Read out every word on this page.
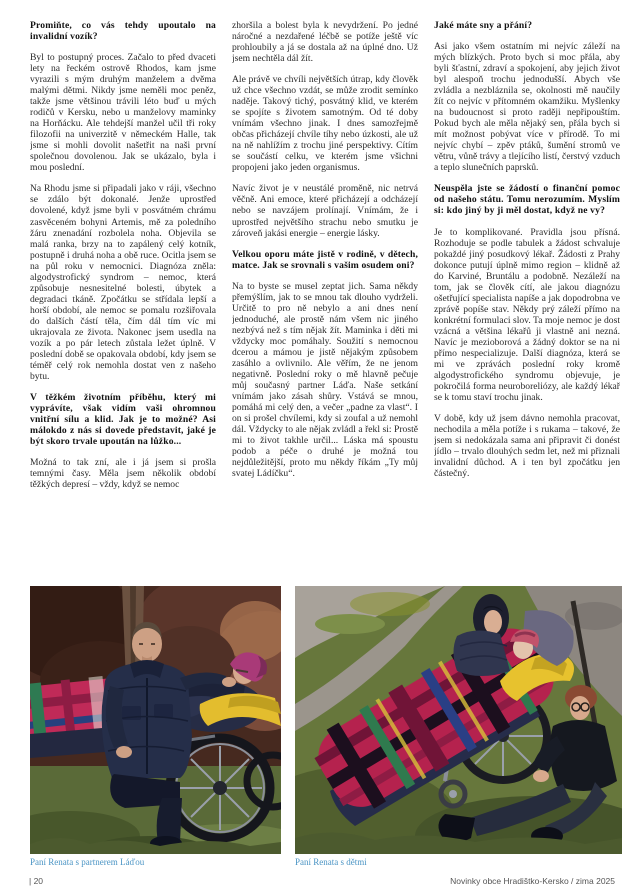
Promiňte, co vás tehdy upoutalo na invalidní vozík?

Byl to postupný proces. Začalo to před dvaceti lety na řeckém ostrově Rhodos, kam jsme vyrazili s mým druhým manželem a dvěma malými dětmi. Nikdy jsme neměli moc peněz, takže jsme většinou trávili léto buď u mých rodičů v Kersku, nebo u manželovy maminky na Horňácku. Ale tehdejší manžel učil tři roky filozofii na univerzitě v německém Halle, tak jsme si mohli dovolit našetřit na naši první společnou dovolenou. Jak se ukázalo, byla i mou poslední.

Na Rhodu jsme si připadali jako v ráji, všechno se zdálo být dokonalé. Jenže uprostřed dovolené, když jsme byli v posvátném chrámu zasvěceném bohyni Artemis, mě za poledního žáru znenadání rozbolela noha. Objevila se malá ranka, brzy na to zapálený celý kotník, postupně i druhá noha a obě ruce. Ocitla jsem se na půl roku v nemocnici. Diagnóza zněla: algodystrofický syndrom – nemoc, která způsobuje nesnesitelné bolesti, úbytek a degradaci tkáně. Zpočátku se střídala lepší a horší období, ale nemoc se pomalu rozšiřovala do dalších částí těla, čím dál tím víc mi ukrajovala ze života. Nakonec jsem usedla na vozík a po pár letech zůstala ležet úplně. V poslední době se opakovala období, kdy jsem se téměř celý rok nemohla dostat ven z našeho bytu.

V těžkém životním příběhu, který mi vyprávíte, však vidím vaši ohromnou vnitřní sílu a klid. Jak je to možné? Asi málokdo z nás si dovede představit, jaké je být skoro trvale upoután na lůžko...

Možná to tak zní, ale i já jsem si prošla temnými časy. Měla jsem několik období těžkých depresí – vždy, když se nemoc

zhoršila a bolest byla k nevydržení. Po jedné náročné a nezdařené léčbě se potíže ještě víc prohloubily a já se dostala až na úplné dno. Už jsem nechtěla dál žít.

Ale právě ve chvíli největších útrap, kdy člověk už chce všechno vzdát, se může zrodit semínko naděje. Takový tichý, posvátný klid, ve kterém se spojíte s životem samotným. Od té doby vnímám všechno jinak. I dnes samozřejmě občas přicházejí chvíle tíhy nebo úzkosti, ale už na ně nahlížím z trochu jiné perspektivy. Cítím se součástí celku, ve kterém jsme všichni propojeni jako jeden organismus.

Navíc život je v neustálé proměně, nic netrvá věčně. Ani emoce, které přicházejí a odcházejí nebo se navzájem prolínají. Vnímám, že i uprostřed největšího strachu nebo smutku je zároveň jakási energie – energie lásky.

Velkou oporu máte jistě v rodině, v dětech, matce. Jak se srovnali s vašim osudem oni?

Na to byste se musel zeptat jich. Sama někdy přemýšlím, jak to se mnou tak dlouho vydrželi. Určitě to pro ně nebylo a ani dnes není jednoduché, ale prostě nám všem nic jiného nezbývá než s tím nějak žít. Maminka i děti mi vždycky moc pomáhaly. Soužití s nemocnou dcerou a mámou je jistě nějakým způsobem zasáhlo a ovlivnilo. Ale věřím, že ne jenom negativně. Poslední roky o mě hlavně pečuje můj současný partner Láďa. Naše setkání vnímám jako zásah shůry. Vstává se mnou, pomáhá mi celý den, a večer „padne za vlast“. I on si prošel chvílemi, kdy si zoufal a už nemohl dál. Vždycky to ale nějak zvládl a řekl si: Prostě mi to život takhle určil... Láska má spoustu podob a péče o druhé je možná tou nejdůležitější, proto mu někdy říkám „Ty můj svatej Ládíčku“.

Jaké máte sny a přání?

Asi jako všem ostatním mi nejvíc záleží na mých blízkých. Proto bych si moc přála, aby byli šťastní, zdraví a spokojení, aby jejich život byl alespoň trochu jednodušší. Abych vše zvládla a nezbláznila se, okolnosti mě naučily žít co nejvíc v přítomném okamžiku. Myšlenky na budoucnost si proto raději nepřipouštím. Pokud bych ale měla nějaký sen, přála bych si mít možnost pobývat více v přírodě. To mi nejvíc chybí – zpěv ptáků, šumění stromů ve větru, vůně trávy a tlejícího listí, čerstvý vzduch a teplo slunečních paprsků.

Neuspěla jste se žádostí o finanční pomoc od našeho státu. Tomu nerozumím. Myslím si: kdo jiný by ji měl dostat, když ne vy?

Je to komplikované. Pravidla jsou přísná. Rozhoduje se podle tabulek a žádost schvaluje pokaždé jiný posudkový lékař. Žádosti z Prahy dokonce putují úplně mimo region – klidně až do Karviné, Bruntálu a podobně. Nezáleží na tom, jak se člověk cítí, ale jakou diagnózu ošetřující specialista napíše a jak dopodrobna ve zprávě popíše stav. Někdy prý záleží přímo na konkrétní formulaci slov. Ta moje nemoc je dost vzácná a většina lékařů ji vlastně ani nezná. Navíc je mezioborová a žádný doktor se na ni přímo nespecializuje. Další diagnóza, která se mi ve zprávách poslední roky kromě algodystrofického syndromu objevuje, je pokročilá forma neuroboreliózy, ale každý lékař se k tomu staví trochu jinak.

V době, kdy už jsem dávno nemohla pracovat, nechodila a měla potíže i s rukama – takové, že jsem si nedokázala sama ani připravit či donést jídlo – trvalo dlouhých sedm let, než mi přiznali invalidní důchod. A i ten byl zpočátku jen částečný.

Paní Renata s partnerem Láďou	Paní Renata s dětmi
| 20	Novinky obce Hradištko-Kersko / zima 2025
